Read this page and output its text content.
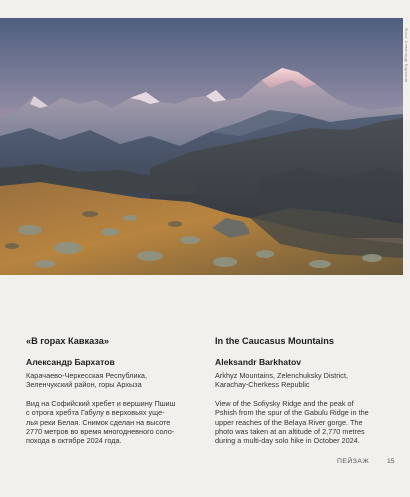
Фото: Александр Бархатов
«В горах Кавказа»
Александр Бархатов

Карачаево-Черкесская Республика,
Зеленчукский район, горы Архыза

Вид на Софийский хребет и вершину Пшиш
с отрога хребта Габулу в верховьях уще-
лья реки Белая. Снимок сделан на высоте
2770 метров во время многодневного соло-
похода в октябре 2024 года.

In the Caucasus Mountains
Aleksandr Barkhatov

Arkhyz Mountains, Zelenchuksky District,
Karachay-Cherkess Republic

View of the Sofiysky Ridge and the peak of
Pshish from the spur of the Gabulu Ridge in the
upper reaches of the Belaya River gorge. The
photo was taken at an altitude of 2,770 metres
during a multi-day solo hike in October 2024.

ПЕЙЗАЖ	15
